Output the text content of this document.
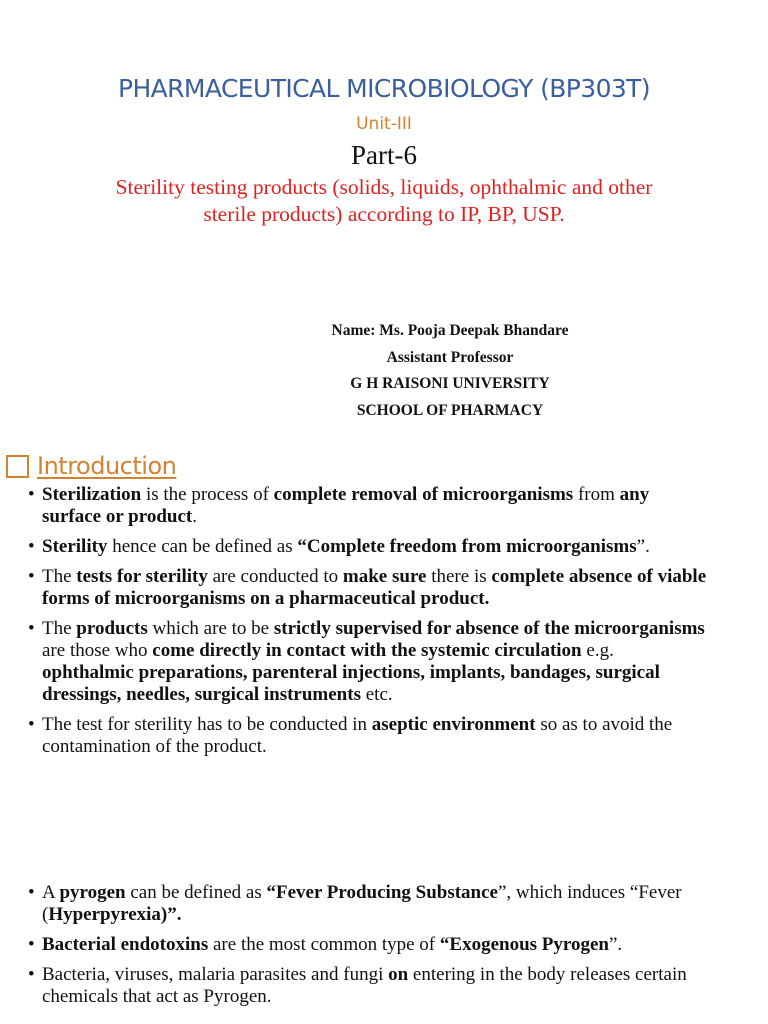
PHARMACEUTICAL MICROBIOLOGY (BP303T)
Unit-III
Part-6
Sterility testing products (solids, liquids, ophthalmic and other
sterile products) according to IP, BP, USP.
Name: Ms. Pooja Deepak Bhandare
Assistant Professor
G H RAISONI UNIVERSITY
SCHOOL OF PHARMACY
Introduction
• Sterilization is the process of complete removal of microorganisms from any surface or product.
• Sterility hence can be defined as “Complete freedom from microorganisms”.
• The tests for sterility are conducted to make sure there is complete absence of viable forms of microorganisms on a pharmaceutical product.
• The products which are to be strictly supervised for absence of the microorganisms are those who come directly in contact with the systemic circulation e.g. ophthalmic preparations, parenteral injections, implants, bandages, surgical dressings, needles, surgical instruments etc.
• The test for sterility has to be conducted in aseptic environment so as to avoid the contamination of the product.
• A pyrogen can be defined as “Fever Producing Substance”, which induces “Fever (Hyperpyrexia)”.
• Bacterial endotoxins are the most common type of “Exogenous Pyrogen”.
• Bacteria, viruses, malaria parasites and fungi on entering in the body releases certain chemicals that act as Pyrogen.
